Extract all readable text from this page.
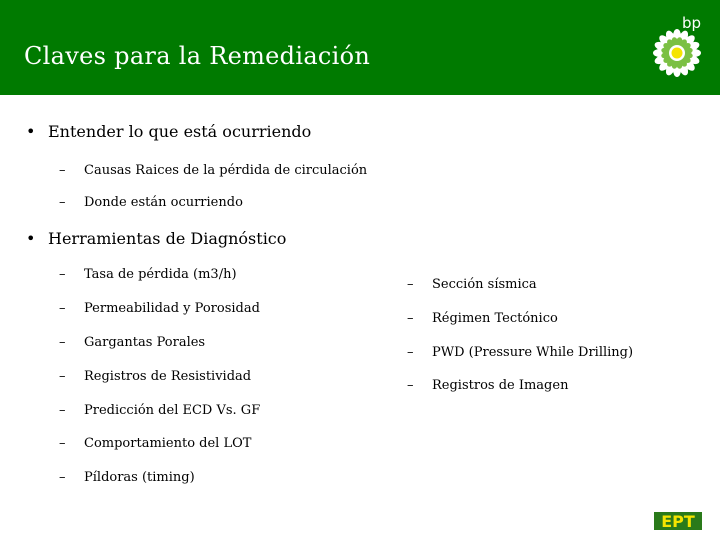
Claves para la Remediación
bp
• Entender lo que está ocurriendo
– Causas Raices de la pérdida de circulación
– Donde están ocurriendo
• Herramientas de Diagnóstico
– Tasa de pérdida (m3/h)
– Permeabilidad y Porosidad
– Gargantas Porales
– Registros de Resistividad
– Predicción del ECD Vs. GF
– Comportamiento del LOT
– Píldoras (timing)
– Sección sísmica
– Régimen Tectónico
– PWD (Pressure While Drilling)
– Registros de Imagen
EPT
